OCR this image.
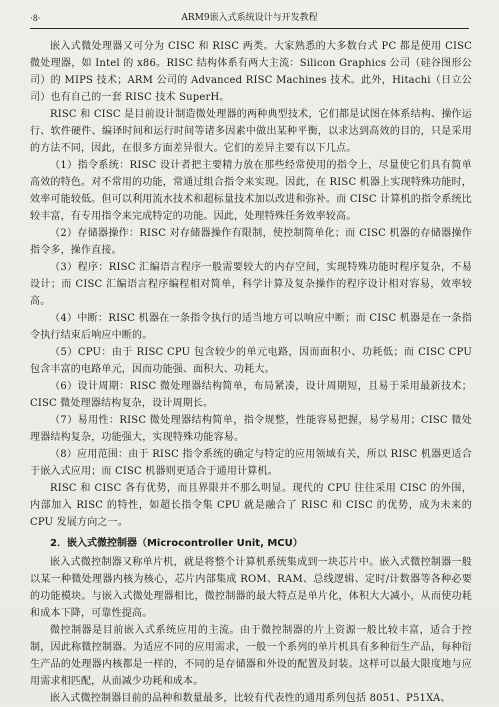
·8·	ARM9嵌入式系统设计与开发教程

嵌入式微处理器又可分为 CISC 和 RISC 两类。大家熟悉的大多数台式 PC 都是使用 CISC 微处理器，如 Intel 的 x86。RISC 结构体系有两大主流：Silicon Graphics 公司（硅谷图形公司）的 MIPS 技术；ARM 公司的 Advanced RISC Machines 技术。此外，Hitachi（日立公司）也有自己的一套 RISC 技术 SuperH。

RISC 和 CISC 是目前设计制造微处理器的两种典型技术，它们都是试图在体系结构、操作运行、软件硬件、编译时间和运行时间等诸多因素中做出某种平衡，以求达到高效的目的，只是采用的方法不同，因此，在很多方面差异很大。它们的差异主要有以下几点。

（1）指令系统：RISC 设计者把主要精力放在那些经常使用的指令上，尽量使它们具有简单高效的特色。对不常用的功能，常通过组合指令来实现。因此，在 RISC 机器上实现特殊功能时，效率可能较低。但可以利用流水技术和超标量技术加以改进和弥补。而 CISC 计算机的指令系统比较丰富，有专用指令来完成特定的功能。因此，处理特殊任务效率较高。

（2）存储器操作：RISC 对存储器操作有限制，使控制简单化；而 CISC 机器的存储器操作指令多，操作直接。

（3）程序：RISC 汇编语言程序一般需要较大的内存空间，实现特殊功能时程序复杂，不易设计；而 CISC 汇编语言程序编程相对简单，科学计算及复杂操作的程序设计相对容易，效率较高。

（4）中断：RISC 机器在一条指令执行的适当地方可以响应中断；而 CISC 机器是在一条指令执行结束后响应中断的。

（5）CPU：由于 RISC CPU 包含较少的单元电路，因而面积小、功耗低；而 CISC CPU 包含丰富的电路单元，因而功能强、面积大、功耗大。

（6）设计周期：RISC 微处理器结构简单，布局紧凑，设计周期短，且易于采用最新技术；CISC 微处理器结构复杂，设计周期长。

（7）易用性：RISC 微处理器结构简单，指令规整，性能容易把握，易学易用；CISC 微处理器结构复杂，功能强大，实现特殊功能容易。

（8）应用范围：由于 RISC 指令系统的确定与特定的应用领域有关，所以 RISC 机器更适合于嵌入式应用；而 CISC 机器则更适合于通用计算机。

RISC 和 CISC 各有优势，而且界限并不那么明显。现代的 CPU 往往采用 CISC 的外围，内部加入 RISC 的特性，如超长指令集 CPU 就是融合了 RISC 和 CISC 的优势，成为未来的 CPU 发展方向之一。

2．嵌入式微控制器（Microcontroller Unit, MCU）

嵌入式微控制器又称单片机，就是将整个计算机系统集成到一块芯片中。嵌入式微控制器一般以某一种微处理器内核为核心，芯片内部集成 ROM、RAM、总线逻辑、定时/计数器等各种必要的功能模块。与嵌入式微处理器相比，微控制器的最大特点是单片化，体积大大减小，从而使功耗和成本下降，可靠性提高。

微控制器是目前嵌入式系统应用的主流。由于微控制器的片上资源一般比较丰富，适合于控制，因此称微控制器。为适应不同的应用需求，一般一个系列的单片机具有多种衍生产品，每种衍生产品的处理器内核都是一样的，不同的是存储器和外设的配置及封装。这样可以最大限度地与应用需求相匹配，从而减少功耗和成本。

嵌入式微控制器目前的品种和数量最多，比较有代表性的通用系列包括 8051、P51XA、
